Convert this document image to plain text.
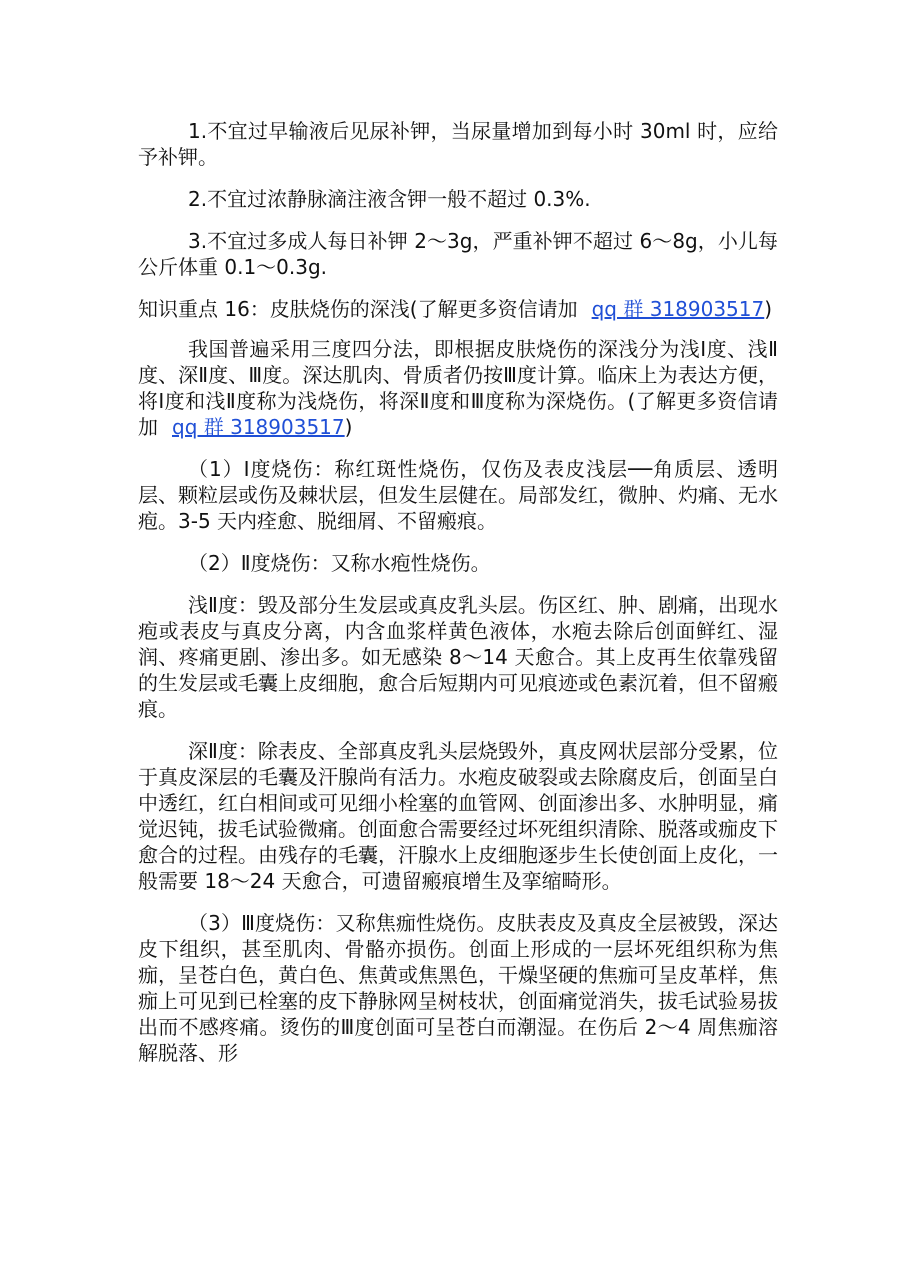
1.不宜过早输液后见尿补钾，当尿量增加到每小时 30ml 时，应给予补钾。

2.不宜过浓静脉滴注液含钾一般不超过 0.3%.

3.不宜过多成人每日补钾 2～3g，严重补钾不超过 6～8g，小儿每公斤体重 0.1～0.3g.

知识重点 16：皮肤烧伤的深浅(了解更多资信请加 qq 群 318903517)

我国普遍采用三度四分法，即根据皮肤烧伤的深浅分为浅Ⅰ度、浅Ⅱ度、深Ⅱ度、Ⅲ度。深达肌肉、骨质者仍按Ⅲ度计算。临床上为表达方便，将Ⅰ度和浅Ⅱ度称为浅烧伤，将深Ⅱ度和Ⅲ度称为深烧伤。(了解更多资信请加 qq 群 318903517)

（1）Ⅰ度烧伤：称红斑性烧伤，仅伤及表皮浅层──角质层、透明层、颗粒层或伤及棘状层，但发生层健在。局部发红，微肿、灼痛、无水疱。3-5 天内痊愈、脱细屑、不留瘢痕。

（2）Ⅱ度烧伤：又称水疱性烧伤。

浅Ⅱ度：毁及部分生发层或真皮乳头层。伤区红、肿、剧痛，出现水疱或表皮与真皮分离，内含血浆样黄色液体，水疱去除后创面鲜红、湿润、疼痛更剧、渗出多。如无感染 8～14 天愈合。其上皮再生依靠残留的生发层或毛囊上皮细胞，愈合后短期内可见痕迹或色素沉着，但不留瘢痕。

深Ⅱ度：除表皮、全部真皮乳头层烧毁外，真皮网状层部分受累，位于真皮深层的毛囊及汗腺尚有活力。水疱皮破裂或去除腐皮后，创面呈白中透红，红白相间或可见细小栓塞的血管网、创面渗出多、水肿明显，痛觉迟钝，拔毛试验微痛。创面愈合需要经过坏死组织清除、脱落或痂皮下愈合的过程。由残存的毛囊，汗腺水上皮细胞逐步生长使创面上皮化，一般需要 18～24 天愈合，可遗留瘢痕增生及挛缩畸形。

（3）Ⅲ度烧伤：又称焦痂性烧伤。皮肤表皮及真皮全层被毁，深达皮下组织，甚至肌肉、骨骼亦损伤。创面上形成的一层坏死组织称为焦痂，呈苍白色，黄白色、焦黄或焦黑色，干燥坚硬的焦痂可呈皮革样，焦痂上可见到已栓塞的皮下静脉网呈树枝状，创面痛觉消失，拔毛试验易拔出而不感疼痛。烫伤的Ⅲ度创面可呈苍白而潮湿。在伤后 2～4 周焦痂溶解脱落、形
